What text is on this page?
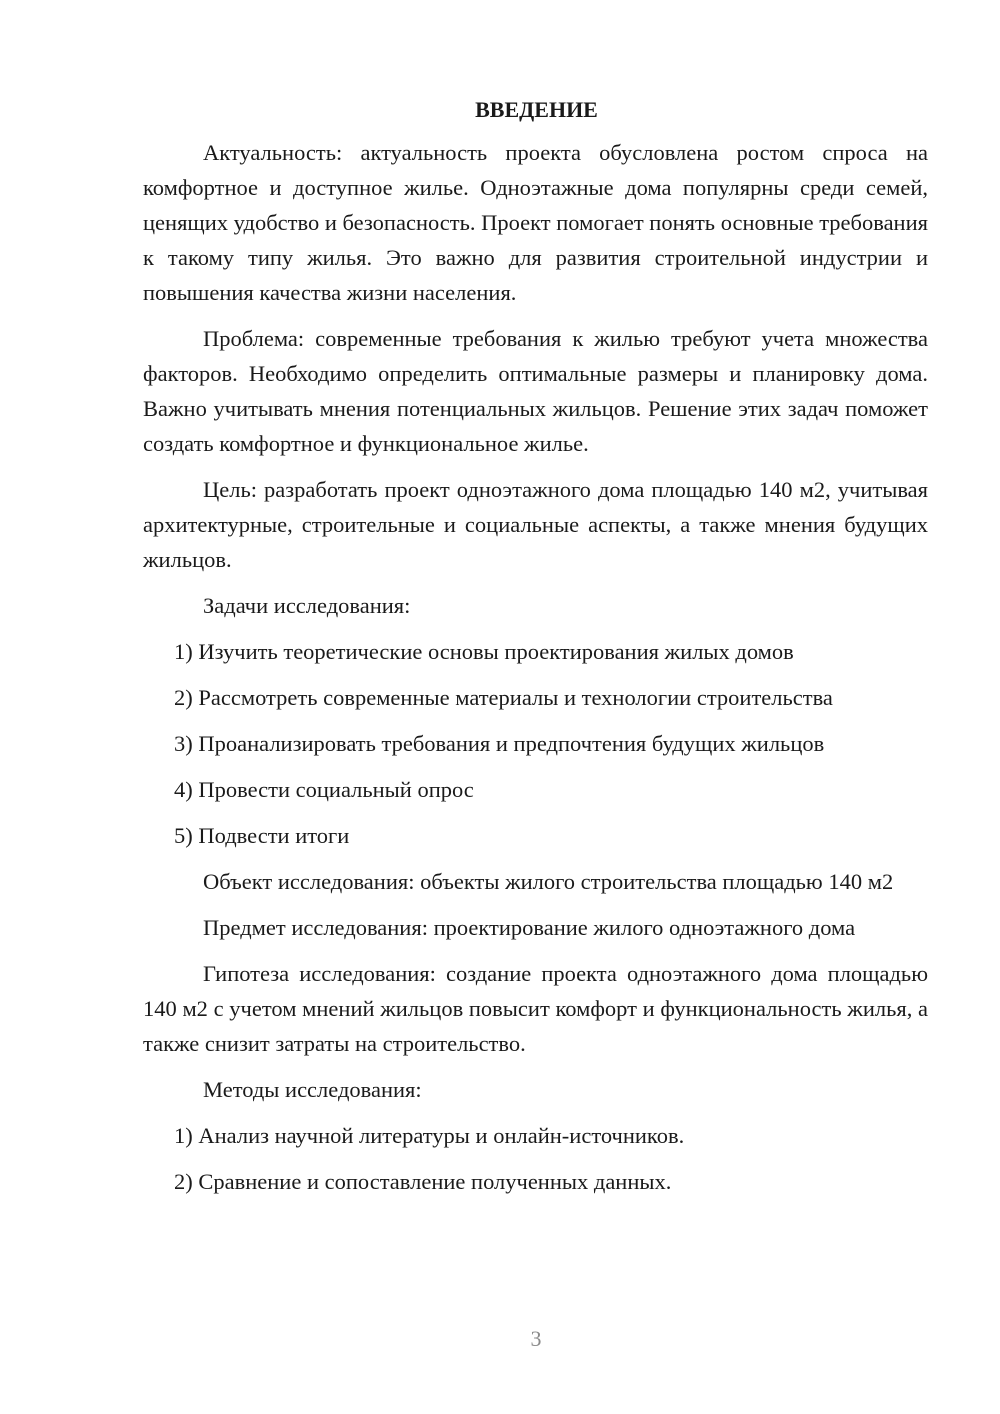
ВВЕДЕНИЕ

Актуальность: актуальность проекта обусловлена ростом спроса на комфортное и доступное жилье. Одноэтажные дома популярны среди семей, ценящих удобство и безопасность. Проект помогает понять основные требования к такому типу жилья. Это важно для развития строительной индустрии и повышения качества жизни населения.

Проблема: современные требования к жилью требуют учета множества факторов. Необходимо определить оптимальные размеры и планировку дома. Важно учитывать мнения потенциальных жильцов. Решение этих задач поможет создать комфортное и функциональное жилье.

Цель: разработать проект одноэтажного дома площадью 140 м2, учитывая архитектурные, строительные и социальные аспекты, а также мнения будущих жильцов.

Задачи исследования:

1) Изучить теоретические основы проектирования жилых домов

2) Рассмотреть современные материалы и технологии строительства

3) Проанализировать требования и предпочтения будущих жильцов

4) Провести социальный опрос

5) Подвести итоги

Объект исследования: объекты жилого строительства площадью 140 м2

Предмет исследования: проектирование жилого одноэтажного дома

Гипотеза исследования: создание проекта одноэтажного дома площадью 140 м2 с учетом мнений жильцов повысит комфорт и функциональность жилья, а также снизит затраты на строительство.

Методы исследования:

1) Анализ научной литературы и онлайн-источников.

2) Сравнение и сопоставление полученных данных.

3
